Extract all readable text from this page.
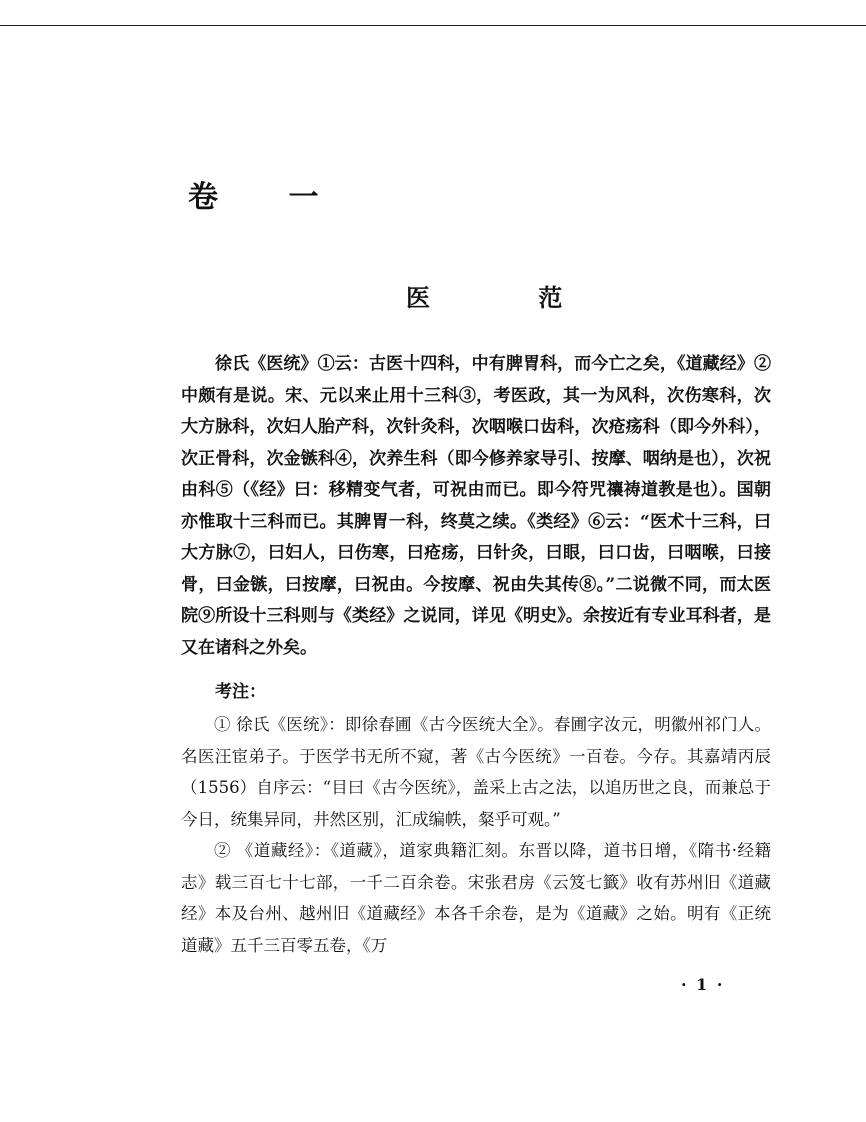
卷 一
医 范

徐氏《医统》①云：古医十四科，中有脾胃科，而今亡之矣，《道藏经》②中颇有是说。宋、元以来止用十三科③，考医政，其一为风科，次伤寒科，次大方脉科，次妇人胎产科，次针灸科，次咽喉口齿科，次疮疡科（即今外科），次正骨科，次金镞科④，次养生科（即今修养家导引、按摩、咽纳是也），次祝由科⑤（《经》曰：移精变气者，可祝由而已。即今符咒禳祷道教是也）。国朝亦惟取十三科而已。其脾胃一科，终莫之续。《类经》⑥云：“医术十三科，曰大方脉⑦，曰妇人，曰伤寒，曰疮疡，曰针灸，曰眼，曰口齿，曰咽喉，曰接骨，曰金镞，曰按摩，曰祝由。今按摩、祝由失其传⑧。”二说微不同，而太医院⑨所设十三科则与《类经》之说同，详见《明史》。余按近有专业耳科者，是又在诸科之外矣。

考注：

① 徐氏《医统》：即徐春圃《古今医统大全》。春圃字汝元，明徽州祁门人。名医汪宦弟子。于医学书无所不窥，著《古今医统》一百卷。今存。其嘉靖丙辰（1556）自序云：“目曰《古今医统》，盖采上古之法，以追历世之良，而兼总于今日，统集异同，井然区别，汇成编帙，粲乎可观。”

② 《道藏经》：《道藏》，道家典籍汇刻。东晋以降，道书日增，《隋书·经籍志》载三百七十七部，一千二百余卷。宋张君房《云笈七籤》收有苏州旧《道藏经》本及台州、越州旧《道藏经》本各千余卷，是为《道藏》之始。明有《正统道藏》五千三百零五卷，《万

· 1 ·
